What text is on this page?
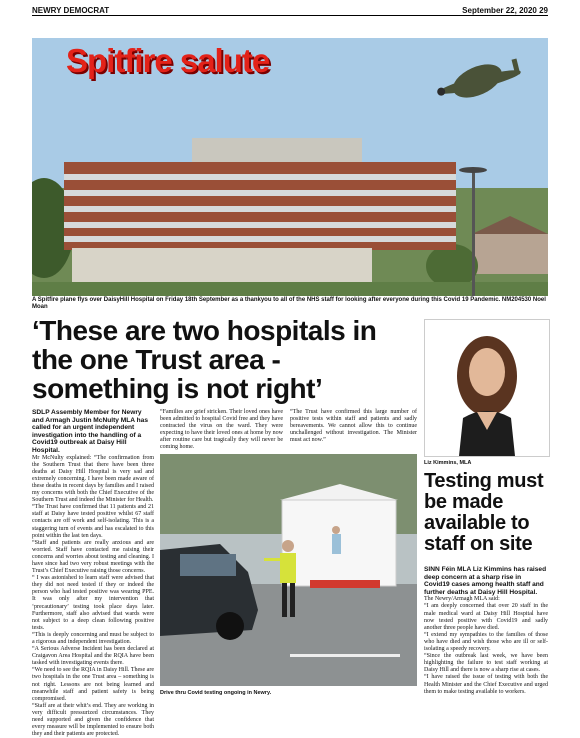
NEWRY DEMOCRAT	September 22, 2020 29
Spitfire salute
A Spitfire plane flys over DaisyHill Hospital on Friday 18th September as a thankyou to all of the NHS staff for looking after everyone during this Covid 19 Pandemic. NM204530 Noel Moan
‘These are two hospitals in the one Trust area - something is not right’

SDLP Assembly Member for Newry and Armagh Justin McNulty MLA has called for an urgent independent investigation into the handling of a Covid19 outbreak at Daisy Hill Hospital.

Mr McNulty explained: “The confirmation from the Southern Trust that there have been three deaths at Daisy Hill Hospital is very sad and extremely concerning. I have been made aware of these deaths in recent days by families and I raised my concerns with both the Chief Executive of the Southern Trust and indeed the Minister for Health.

“The Trust have confirmed that 11 patients and 21 staff at Daisy have tested positive whilst 67 staff contacts are off work and self-isolating. This is a staggering turn of events and has escalated to this point within the last ten days.

“Staff and patients are really anxious and are worried. Staff have contacted me raising their concerns and worries about testing and cleaning. I have since had two very robust meetings with the Trust’s Chief Executive raising those concerns.

“ I was astonished to learn staff were advised that they did not need tested if they or indeed the person who had tested positive was wearing PPE. It was only after my intervention that ‘precautionary’ testing took place days later. Furthermore, staff also advised that wards were not subject to a deep clean following positive tests.

“This is deeply concerning and must be subject to a rigorous and independent investigation.

“A Serious Adverse Incident has been declared at Craigavon Area Hospital and the RQIA have been tasked with investigating events there.

“We need to see the RQIA in Daisy Hill. These are two hospitals in the one Trust area – something is not right. Lessons are not being learned and meanwhile staff and patient safety is being compromised.

“Staff are at their whit’s end. They are working in very difficult pressurized circumstances. They need supported and given the confidence that every measure will be implemented to ensure both they and their patients are protected.

“Families are grief stricken. Their loved ones have been admitted to hospital Covid free and they have contracted the virus on the ward. They were expecting to have their loved ones at home by now after routine care but tragically they will never be coming home.

“The Trust have confirmed this large number of positive tests within staff and patients and sadly bereavements. We cannot allow this to continue unchallenged without investigation. The Minister must act now.”

Drive thru Covid testing ongoing in Newry.
Liz Kimmins, MLA
Testing must be made available to staff on site

SINN Féin MLA Liz Kimmins has raised deep concern at a sharp rise in Covid19 cases among health staff and further deaths at Daisy Hill Hospital.

The Newry/Armagh MLA said:

“I am deeply concerned that over 20 staff in the male medical ward at Daisy Hill Hospital have now tested positive with Covid19 and sadly another three people have died.

“I extend my sympathies to the families of those who have died and wish those who are ill or self-isolating a speedy recovery.

“Since the outbreak last week, we have been highlighting the failure to test staff working at Daisy Hill and there is now a sharp rise at cases.

“I have raised the issue of testing with both the Health Minister and the Chief Executive and urged them to make testing available to workers.
